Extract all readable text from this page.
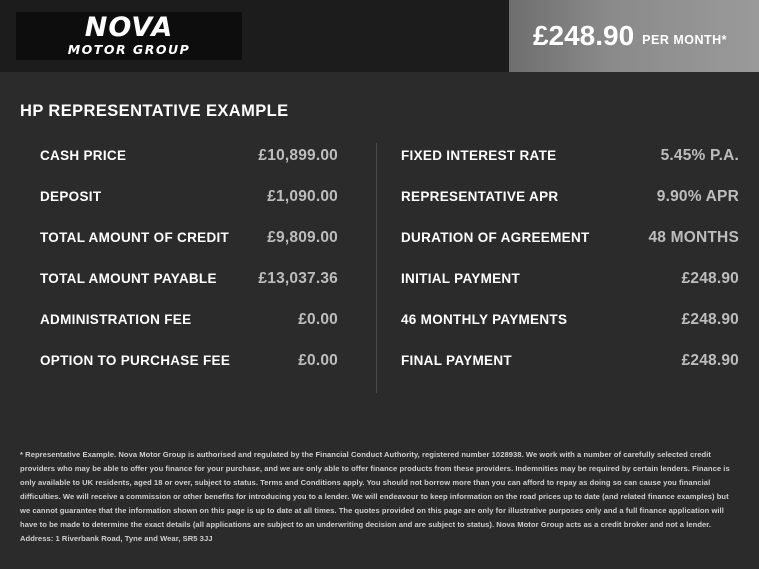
NOVA
MOTOR GROUP	£248.90 PER MONTH*
HP REPRESENTATIVE EXAMPLE
CASH PRICE	£10,899.00
DEPOSIT	£1,090.00
TOTAL AMOUNT OF CREDIT £9,809.00
TOTAL AMOUNT PAYABLE	£13,037.36
ADMINISTRATION FEE	£0.00
OPTION TO PURCHASE FEE	£0.00
FIXED INTEREST RATE	5.45% P.A.
REPRESENTATIVE APR	9.90% APR
DURATION OF AGREEMENT	48 MONTHS
INITIAL PAYMENT	£248.90
46 MONTHLY PAYMENTS	£248.90
FINAL PAYMENT	£248.90
* Representative Example. Nova Motor Group is authorised and regulated by the Financial Conduct Authority, registered number 1028938. We work with a number of carefully selected credit providers who may be able to offer you finance for your purchase, and we are only able to offer finance products from these providers. Indemnities may be required by certain lenders. Finance is only available to UK residents, aged 18 or over, subject to status. Terms and Conditions apply. You should not borrow more than you can afford to repay as doing so can cause you financial difficulties. We will receive a commission or other benefits for introducing you to a lender. We will endeavour to keep information on the road prices up to date (and related finance examples) but we cannot guarantee that the information shown on this page is up to date at all times. The quotes provided on this page are only for illustrative purposes only and a full finance application will have to be made to determine the exact details (all applications are subject to an underwriting decision and are subject to status). Nova Motor Group acts as a credit broker and not a lender. Address: 1 Riverbank Road, Tyne and Wear, SR5 3JJ
